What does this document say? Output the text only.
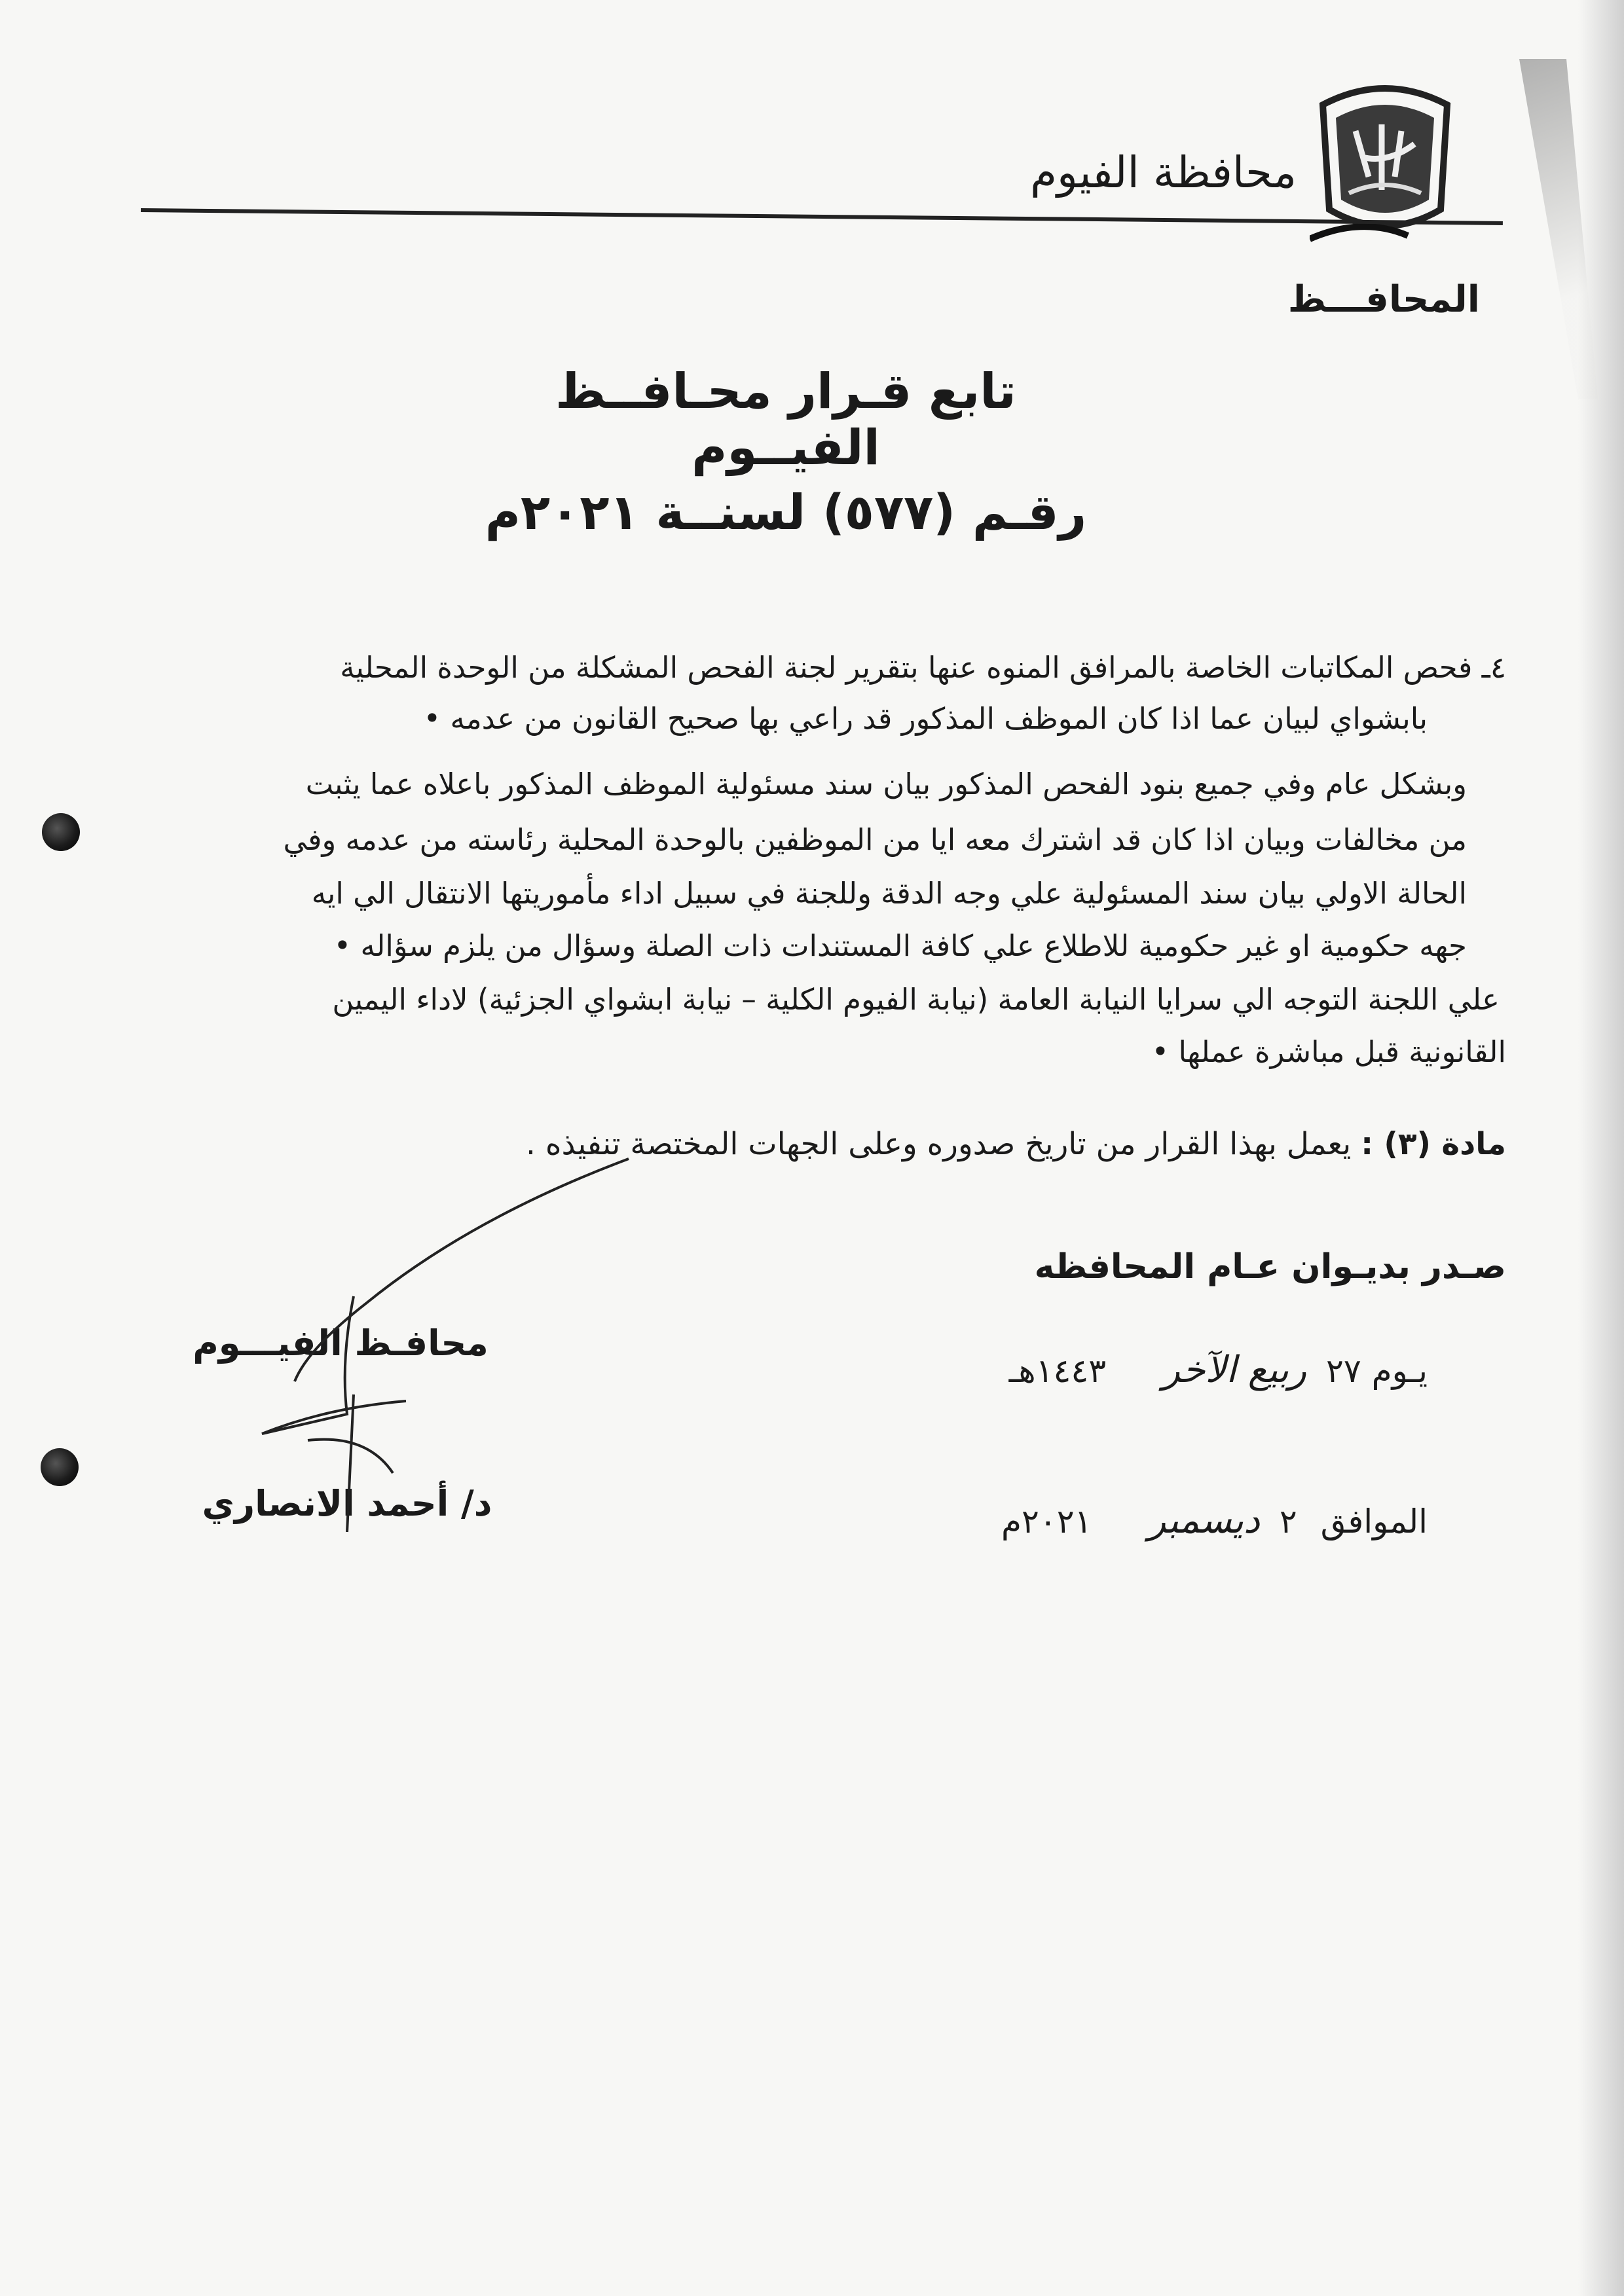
محافظة الفيوم
المحافـــظ
تابع قـرار محـافــظ الفيــوم
رقـم (٥٧٧) لسنــة ٢٠٢١م
٤ـ فحص المكاتبات الخاصة بالمرافق المنوه عنها بتقرير لجنة الفحص المشكلة من الوحدة المحلية
بابشواي لبيان عما اذا كان الموظف المذكور قد راعي بها صحيح القانون من عدمه •
وبشكل عام وفي جميع بنود الفحص المذكور بيان سند مسئولية الموظف المذكور باعلاه عما يثبت
من مخالفات وبيان اذا كان قد اشترك معه ايا من الموظفين بالوحدة المحلية رئاسته من عدمه وفي
الحالة الاولي بيان سند المسئولية علي وجه الدقة وللجنة في سبيل اداء مأموريتها الانتقال الي ايه
جهه حكومية او غير حكومية للاطلاع علي كافة المستندات ذات الصلة وسؤال من يلزم سؤاله •
علي اللجنة التوجه الي سرايا النيابة العامة (نيابة الفيوم الكلية – نيابة ابشواي الجزئية) لاداء اليمين
القانونية قبل مباشرة عملها •
مادة (٣) : يعمل بهذا القرار من تاريخ صدوره وعلى الجهات المختصة تنفيذه .
صـدر بديـوان عـام المحافظه
يـوم ٢٧ ربيع الآخر ١٤٤٣هـ
الموافق ٢ ديسمبر ٢٠٢١م
محافـظ الفيـــوم
د/ أحمد الانصاري
